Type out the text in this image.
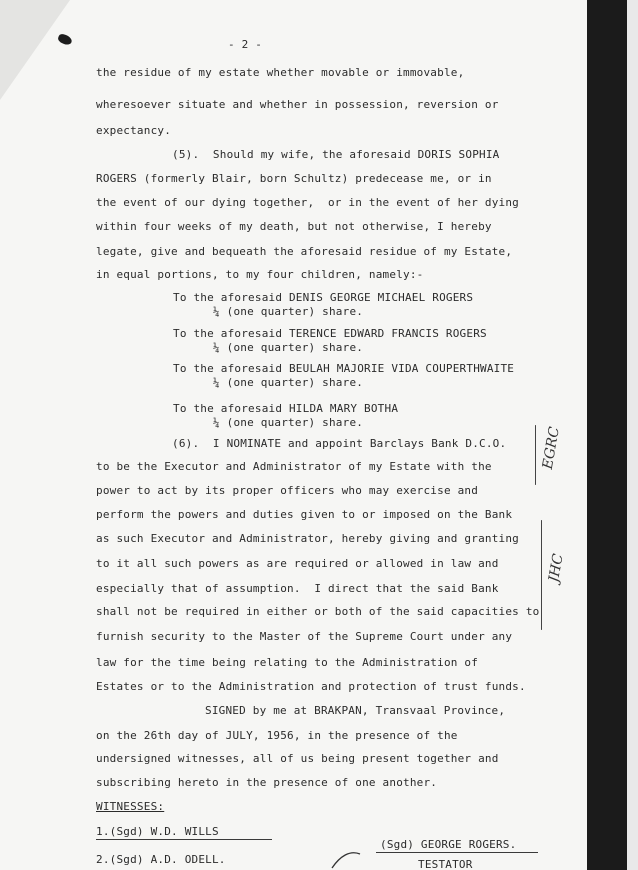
- 2 -
the residue of my estate whether movable or immovable,
wheresoever situate and whether in possession, reversion or
expectancy.
(5).  Should my wife, the aforesaid DORIS SOPHIA
ROGERS (formerly Blair, born Schultz) predecease me, or in
the event of our dying together,  or in the event of her dying
within four weeks of my death, but not otherwise, I hereby
legate, give and bequeath the aforesaid residue of my Estate,
in equal portions, to my four children, namely:-
To the aforesaid DENIS GEORGE MICHAEL ROGERS
¼ (one quarter) share.
To the aforesaid TERENCE EDWARD FRANCIS ROGERS
¼ (one quarter) share.
To the aforesaid BEULAH MAJORIE VIDA COUPERTHWAITE
¼ (one quarter) share.
To the aforesaid HILDA MARY BOTHA
¼ (one quarter) share.
(6).  I NOMINATE and appoint Barclays Bank D.C.O.
to be the Executor and Administrator of my Estate with the
power to act by its proper officers who may exercise and
perform the powers and duties given to or imposed on the Bank
as such Executor and Administrator, hereby giving and granting
to it all such powers as are required or allowed in law and
especially that of assumption.  I direct that the said Bank
shall not be required in either or both of the said capacities to
furnish security to the Master of the Supreme Court under any
law for the time being relating to the Administration of
Estates or to the Administration and protection of trust funds.
SIGNED by me at BRAKPAN, Transvaal Province,
on the 26th day of JULY, 1956, in the presence of the
undersigned witnesses, all of us being present together and
subscribing hereto in the presence of one another.
WITNESSES:
1.(Sgd) W.D. WILLS
2.(Sgd) A.D. ODELL.
(Sgd) GEORGE ROGERS.
TESTATOR
EGRC
JHC
